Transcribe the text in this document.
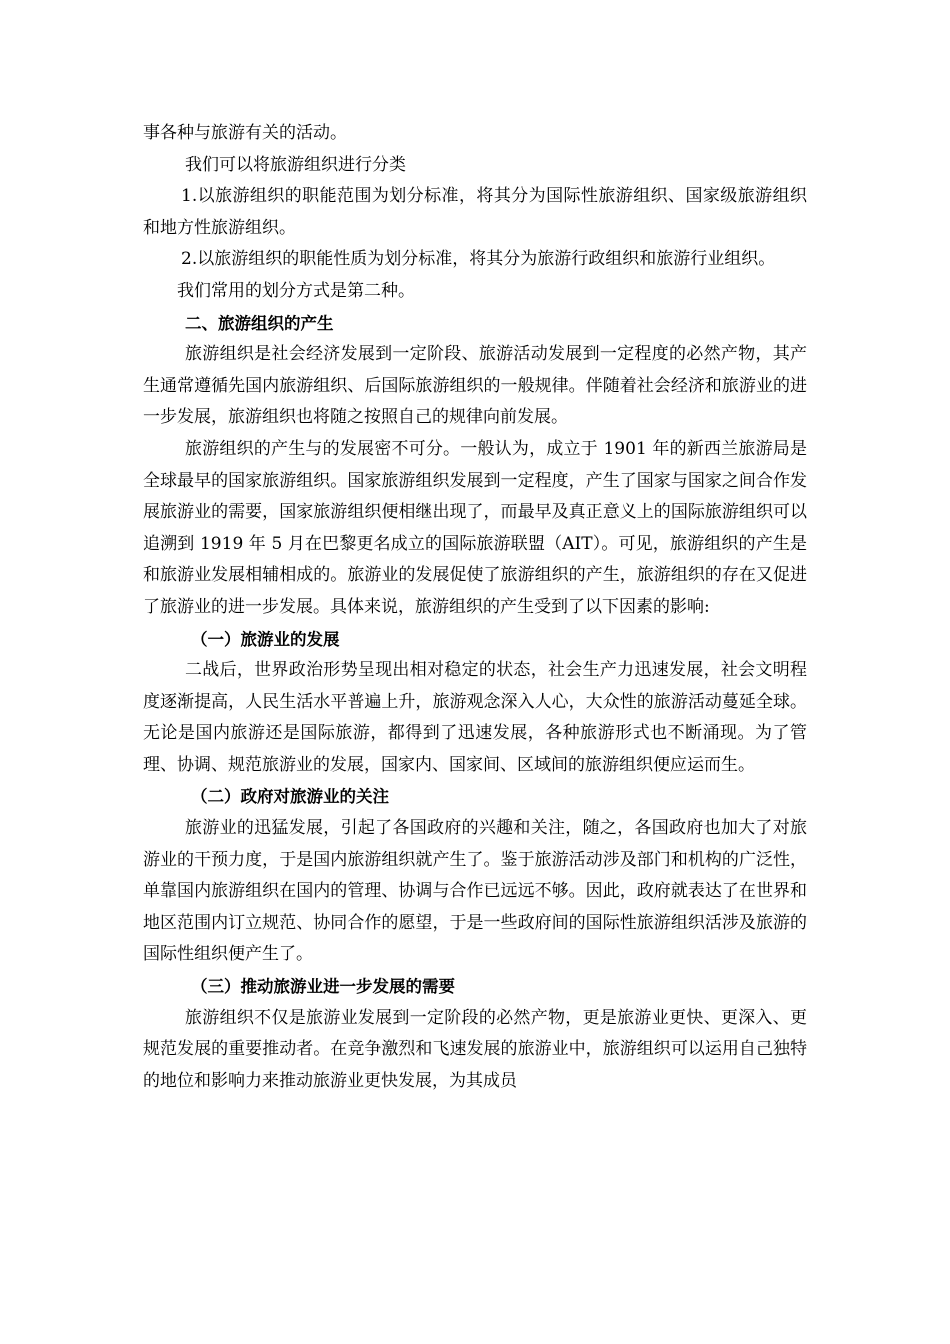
事各种与旅游有关的活动。

我们可以将旅游组织进行分类

1.以旅游组织的职能范围为划分标准，将其分为国际性旅游组织、国家级旅游组织和地方性旅游组织。

2.以旅游组织的职能性质为划分标准，将其分为旅游行政组织和旅游行业组织。

我们常用的划分方式是第二种。

二、旅游组织的产生

旅游组织是社会经济发展到一定阶段、旅游活动发展到一定程度的必然产物，其产生通常遵循先国内旅游组织、后国际旅游组织的一般规律。伴随着社会经济和旅游业的进一步发展，旅游组织也将随之按照自己的规律向前发展。

旅游组织的产生与的发展密不可分。一般认为，成立于 1901 年的新西兰旅游局是全球最早的国家旅游组织。国家旅游组织发展到一定程度，产生了国家与国家之间合作发展旅游业的需要，国家旅游组织便相继出现了，而最早及真正意义上的国际旅游组织可以追溯到 1919 年 5 月在巴黎更名成立的国际旅游联盟（AIT）。可见，旅游组织的产生是和旅游业发展相辅相成的。旅游业的发展促使了旅游组织的产生，旅游组织的存在又促进了旅游业的进一步发展。具体来说，旅游组织的产生受到了以下因素的影响:

（一）旅游业的发展

二战后，世界政治形势呈现出相对稳定的状态，社会生产力迅速发展，社会文明程度逐渐提高，人民生活水平普遍上升，旅游观念深入人心，大众性的旅游活动蔓延全球。无论是国内旅游还是国际旅游，都得到了迅速发展，各种旅游形式也不断涌现。为了管理、协调、规范旅游业的发展，国家内、国家间、区域间的旅游组织便应运而生。

（二）政府对旅游业的关注

旅游业的迅猛发展，引起了各国政府的兴趣和关注，随之，各国政府也加大了对旅游业的干预力度，于是国内旅游组织就产生了。鉴于旅游活动涉及部门和机构的广泛性，单靠国内旅游组织在国内的管理、协调与合作已远远不够。因此，政府就表达了在世界和地区范围内订立规范、协同合作的愿望，于是一些政府间的国际性旅游组织活涉及旅游的国际性组织便产生了。

（三）推动旅游业进一步发展的需要

旅游组织不仅是旅游业发展到一定阶段的必然产物，更是旅游业更快、更深入、更规范发展的重要推动者。在竞争激烈和飞速发展的旅游业中，旅游组织可以运用自己独特的地位和影响力来推动旅游业更快发展，为其成员
